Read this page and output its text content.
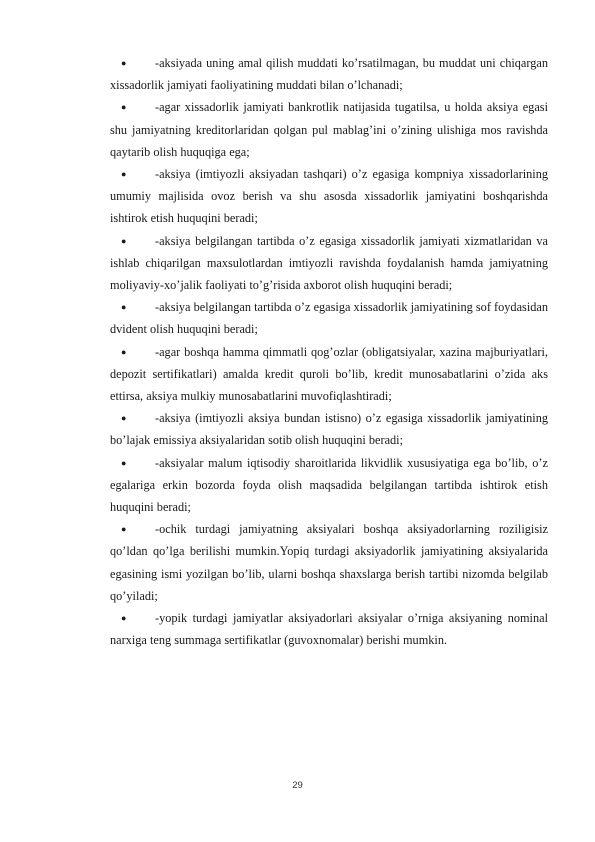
● -aksiyada uning amal qilish muddati ko’rsatilmagan, bu muddat uni chiqargan xissadorlik jamiyati faoliyatining muddati bilan o’lchanadi;

● -agar xissadorlik jamiyati bankrotlik natijasida tugatilsa, u holda aksiya egasi shu jamiyatning kreditorlaridan qolgan pul mablag’ini o’zining ulishiga mos ravishda qaytarib olish huquqiga ega;

● -aksiya (imtiyozli aksiyadan tashqari) o’z egasiga kompniya xissadorlarining umumiy majlisida ovoz berish va shu asosda xissadorlik jamiyatini boshqarishda ishtirok etish huquqini beradi;

● -aksiya belgilangan tartibda o’z egasiga xissadorlik jamiyati xizmatlaridan va ishlab chiqarilgan maxsulotlardan imtiyozli ravishda foydalanish hamda jamiyatning moliyaviy-xo’jalik faoliyati to’g’risida axborot olish huquqini beradi;

● -aksiya belgilangan tartibda o’z egasiga xissadorlik jamiyatining sof foydasidan dvident olish huquqini beradi;

● -agar boshqa hamma qimmatli qog’ozlar (obligatsiyalar, xazina majburiyatlari, depozit sertifikatlari) amalda kredit quroli bo’lib, kredit munosabatlarini o’zida aks ettirsa, aksiya mulkiy munosabatlarini muvofiqlashtiradi;

● -aksiya (imtiyozli aksiya bundan istisno) o’z egasiga xissadorlik jamiyatining bo’lajak emissiya aksiyalaridan sotib olish huquqini beradi;

● -aksiyalar malum iqtisodiy sharoitlarida likvidlik xususiyatiga ega bo’lib, o’z egalariga erkin bozorda foyda olish maqsadida belgilangan tartibda ishtirok etish huquqini beradi;

● -ochik turdagi jamiyatning aksiyalari boshqa aksiyadorlarning roziligisiz qo’ldan qo’lga berilishi mumkin.Yopiq turdagi aksiyadorlik jamiyatining aksiyalarida egasining ismi yozilgan bo’lib, ularni boshqa shaxslarga berish tartibi nizomda belgilab qo’yiladi;

● -yopik turdagi jamiyatlar aksiyadorlari aksiyalar o’rniga aksiyaning nominal narxiga teng summaga sertifikatlar (guvoxnomalar) berishi mumkin.

29
